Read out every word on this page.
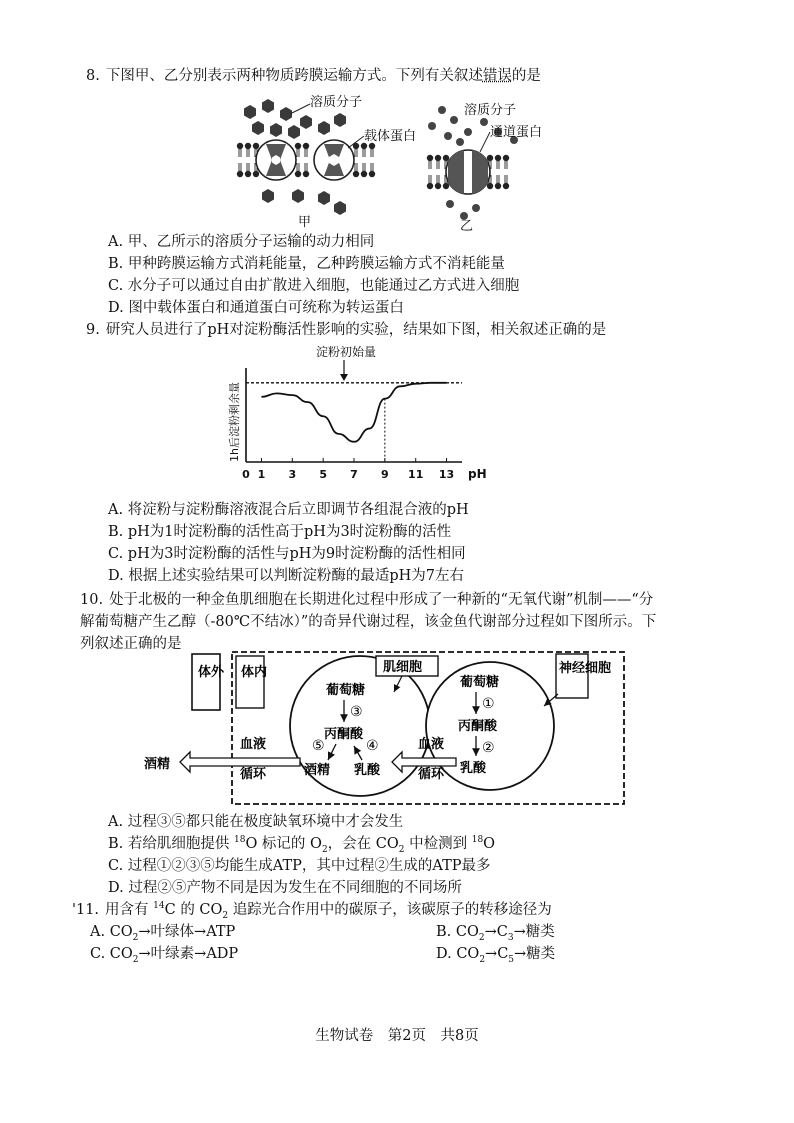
8. 下图甲、乙分别表示两种物质跨膜运输方式。下列有关叙述错误的是

溶质分子
载体蛋白
甲
溶质分子
通道蛋白
乙

A. 甲、乙所示的溶质分子运输的动力相同

B. 甲种跨膜运输方式消耗能量，乙种跨膜运输方式不消耗能量

C. 水分子可以通过自由扩散进入细胞，也能通过乙方式进入细胞

D. 图中载体蛋白和通道蛋白可统称为转运蛋白

9. 研究人员进行了pH对淀粉酶活性影响的实验，结果如下图，相关叙述正确的是

淀粉初始量
1h后淀粉剩余量
0 1 3 5 7 9 11 13 pH

A. 将淀粉与淀粉酶溶液混合后立即调节各组混合液的pH

B. pH为1时淀粉酶的活性高于pH为3时淀粉酶的活性

C. pH为3时淀粉酶的活性与pH为9时淀粉酶的活性相同

D. 根据上述实验结果可以判断淀粉酶的最适pH为7左右

10. 处于北极的一种金鱼肌细胞在长期进化过程中形成了一种新的“无氧代谢”机制——“分

解葡萄糖产生乙醇（-80℃不结冰）”的奇异代谢过程，该金鱼代谢部分过程如下图所示。下

列叙述正确的是

体外 体内	肌细胞
葡萄糖
③
丙酮酸
⑤	④
酒精 乳酸
神经细胞
葡萄糖
①
丙酮酸
②
乳酸
血液
循环
血液
循环
酒精

A. 过程③⑤都只能在极度缺氧环境中才会发生

B. 若给肌细胞提供 $^{18}$O 标记的 $O_2$，会在 $CO_2$ 中检测到 $^{18}$O

C. 过程①②③⑤均能生成ATP，其中过程②生成的ATP最多

D. 过程②⑤产物不同是因为发生在不同细胞的不同场所

'11. 用含有 $^{14}$C 的 $CO_2$ 追踪光合作用中的碳原子，该碳原子的转移途径为

A. $CO_2\to$叶绿体→ATP	B. $CO_2\to C_3\to$糖类

C. $CO_2\to$叶绿素→ADP	D. $CO_2\to C_5\to$糖类

生物试卷　第2页　共8页
